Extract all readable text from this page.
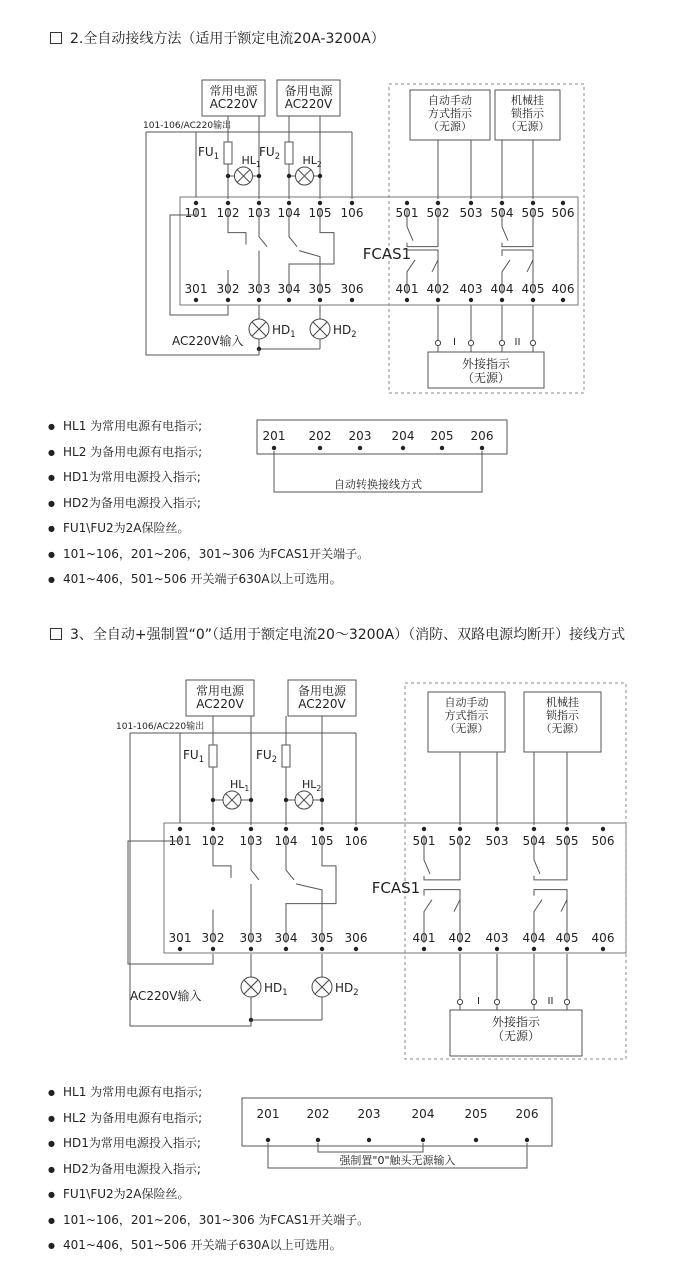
2.全自动接线方法（适用于额定电流20A-3200A）
3、全自动+强制置“0”（适用于额定电流20～3200A）（消防、双路电源均断开）接线方式
101 102 103 104 105 106	501 502 503 504 505 506
301 302 303 304 305 306	401 402 403 404 405 406
FCAS1
常用电源
AC220V
备用电源
AC220V
101-106/AC220输出
$FU_1$	$FU_2$
$HL_1$	$HL_2$
自动手动
方式指示
（无源）
机械挂
锁指示
（无源）
I	II
外接指示
（无源）
$HD_1$	$HD_2$
AC220V输入
201 202 203 204 205 206
自动转换接线方式
101 102 103 104 105 106	501 502 503 504 505 506
301 302 303 304 305 306	401 402 403 404 405 406
FCAS1
常用电源
AC220V
备用电源
AC220V
101-106/AC220输出
$FU_1$	$FU_2$
$HL_1$	$HL_2$
自动手动
方式指示
（无源）
机械挂
锁指示
（无源）
I	II
外接指示
（无源）
$HD_1$	$HD_2$
AC220V输入
201 202 203	204	205 206
强制置"0"触头无源输入
● HL1 为常用电源有电指示;
● HL2 为备用电源有电指示;
● HD1为常用电源投入指示;
● HD2为备用电源投入指示;
● FU1\FU2为2A保险丝。
● 101~106，201~206，301~306 为FCAS1开关端子。
● 401~406，501~506 开关端子630A以上可选用。
● HL1 为常用电源有电指示;
● HL2 为备用电源有电指示;
● HD1为常用电源投入指示;
● HD2为备用电源投入指示;
● FU1\FU2为2A保险丝。
● 101~106，201~206，301~306 为FCAS1开关端子。
● 401~406，501~506 开关端子630A以上可选用。
